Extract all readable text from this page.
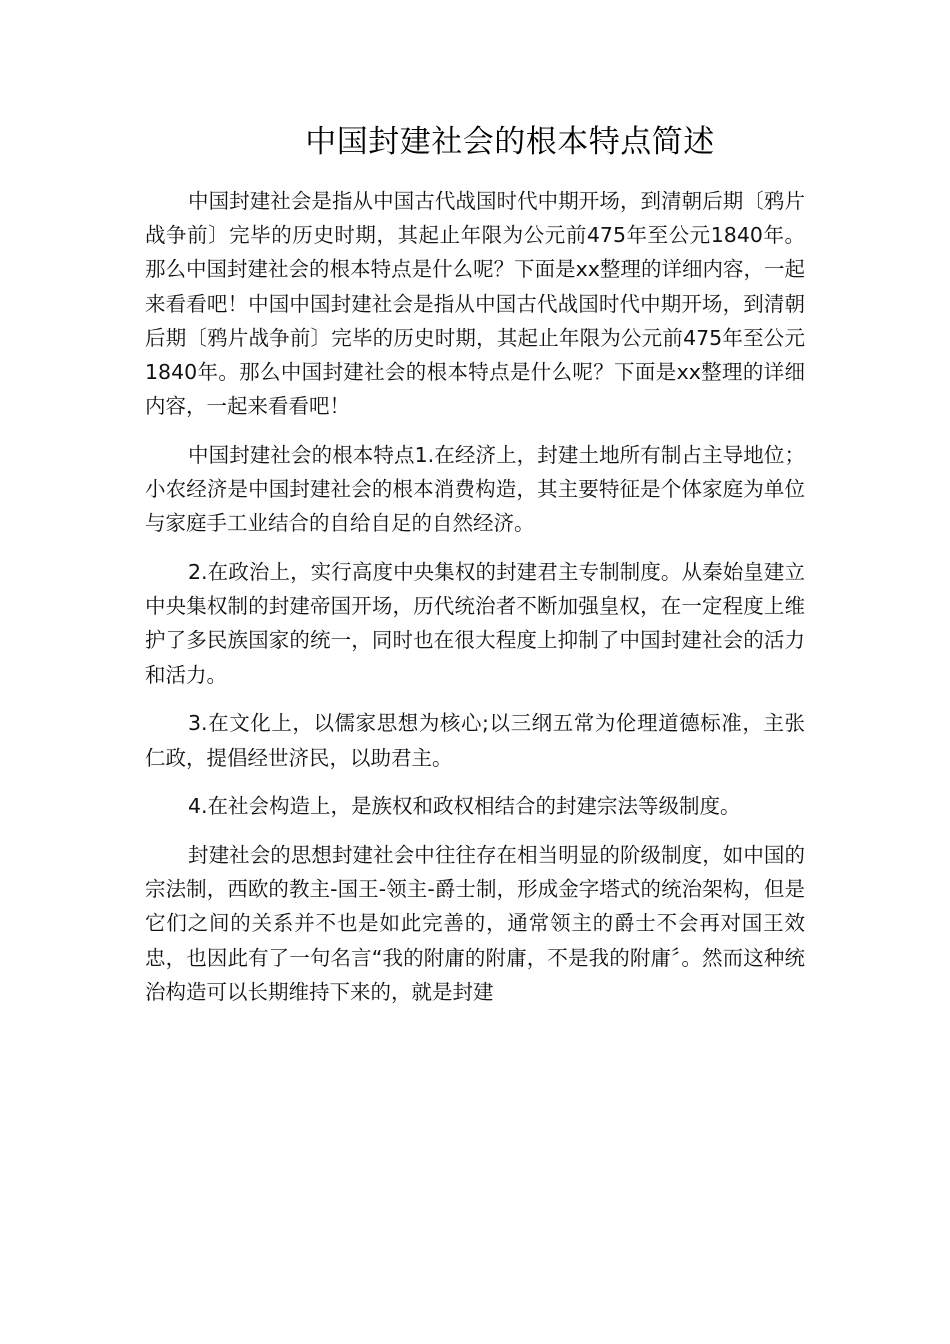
中国封建社会的根本特点简述

中国封建社会是指从中国古代战国时代中期开场，到清朝后期〔鸦片战争前〕完毕的历史时期，其起止年限为公元前475年至公元1840年。那么中国封建社会的根本特点是什么呢？下面是xx整理的详细内容，一起来看看吧！中国中国封建社会是指从中国古代战国时代中期开场，到清朝后期〔鸦片战争前〕完毕的历史时期，其起止年限为公元前475年至公元1840年。那么中国封建社会的根本特点是什么呢？下面是xx整理的详细内容，一起来看看吧！

中国封建社会的根本特点1.在经济上，封建土地所有制占主导地位；小农经济是中国封建社会的根本消费构造，其主要特征是个体家庭为单位与家庭手工业结合的自给自足的自然经济。

2.在政治上，实行高度中央集权的封建君主专制制度。从秦始皇建立中央集权制的封建帝国开场，历代统治者不断加强皇权，在一定程度上维护了多民族国家的统一，同时也在很大程度上抑制了中国封建社会的活力和活力。

3.在文化上，以儒家思想为核心;以三纲五常为伦理道德标准，主张仁政，提倡经世济民，以助君主。

4.在社会构造上，是族权和政权相结合的封建宗法等级制度。

封建社会的思想封建社会中往往存在相当明显的阶级制度，如中国的宗法制，西欧的教主-国王-领主-爵士制，形成金字塔式的统治架构，但是它们之间的关系并不也是如此完善的，通常领主的爵士不会再对国王效忠，也因此有了一句名言“我的附庸的附庸，不是我的附庸〞。然而这种统治构造可以长期维持下来的，就是封建
